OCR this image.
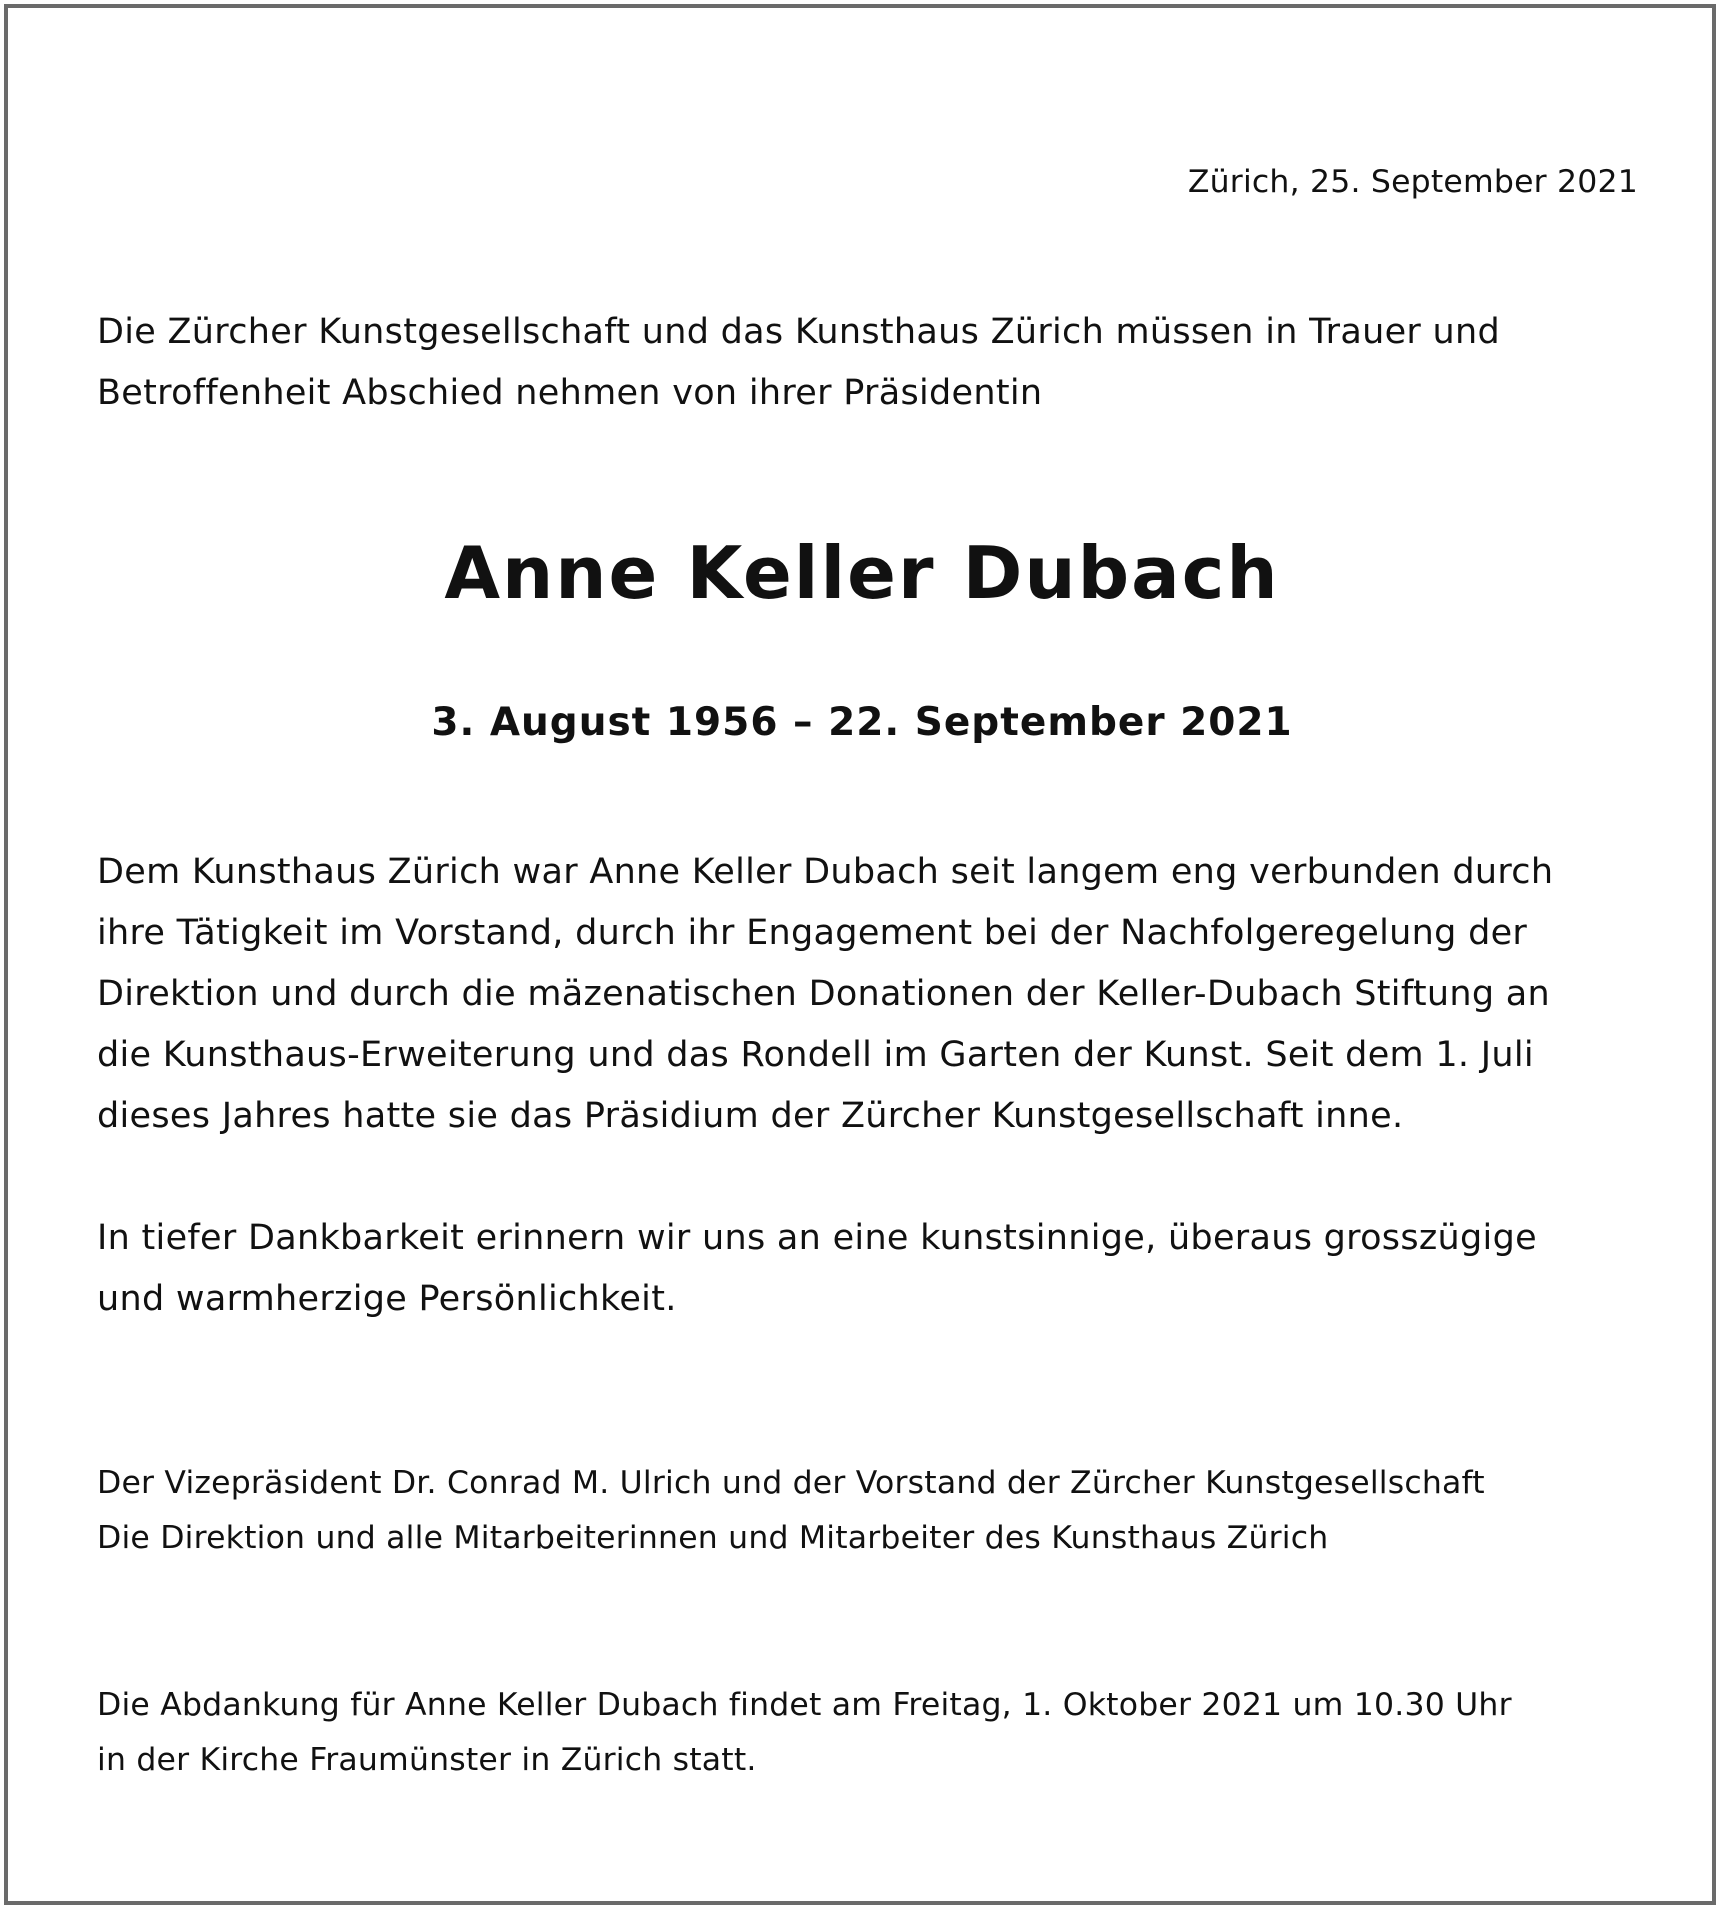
Zürich, 25. September 2021

Die Zürcher Kunstgesellschaft und das Kunsthaus Zürich müssen in Trauer und
Betroffenheit Abschied nehmen von ihrer Präsidentin

Anne Keller Dubach

3. August 1956 – 22. September 2021

Dem Kunsthaus Zürich war Anne Keller Dubach seit langem eng verbunden durch
ihre Tätigkeit im Vorstand, durch ihr Engagement bei der Nachfolgeregelung der
Direktion und durch die mäzenatischen Donationen der Keller-Dubach Stiftung an
die Kunsthaus-Erweiterung und das Rondell im Garten der Kunst. Seit dem 1. Juli
dieses Jahres hatte sie das Präsidium der Zürcher Kunstgesellschaft inne.

In tiefer Dankbarkeit erinnern wir uns an eine kunstsinnige, überaus grosszügige
und warmherzige Persönlichkeit.

Der Vizepräsident Dr. Conrad M. Ulrich und der Vorstand der Zürcher Kunstgesellschaft
Die Direktion und alle Mitarbeiterinnen und Mitarbeiter des Kunsthaus Zürich

Die Abdankung für Anne Keller Dubach findet am Freitag, 1. Oktober 2021 um 10.30 Uhr
in der Kirche Fraumünster in Zürich statt.
